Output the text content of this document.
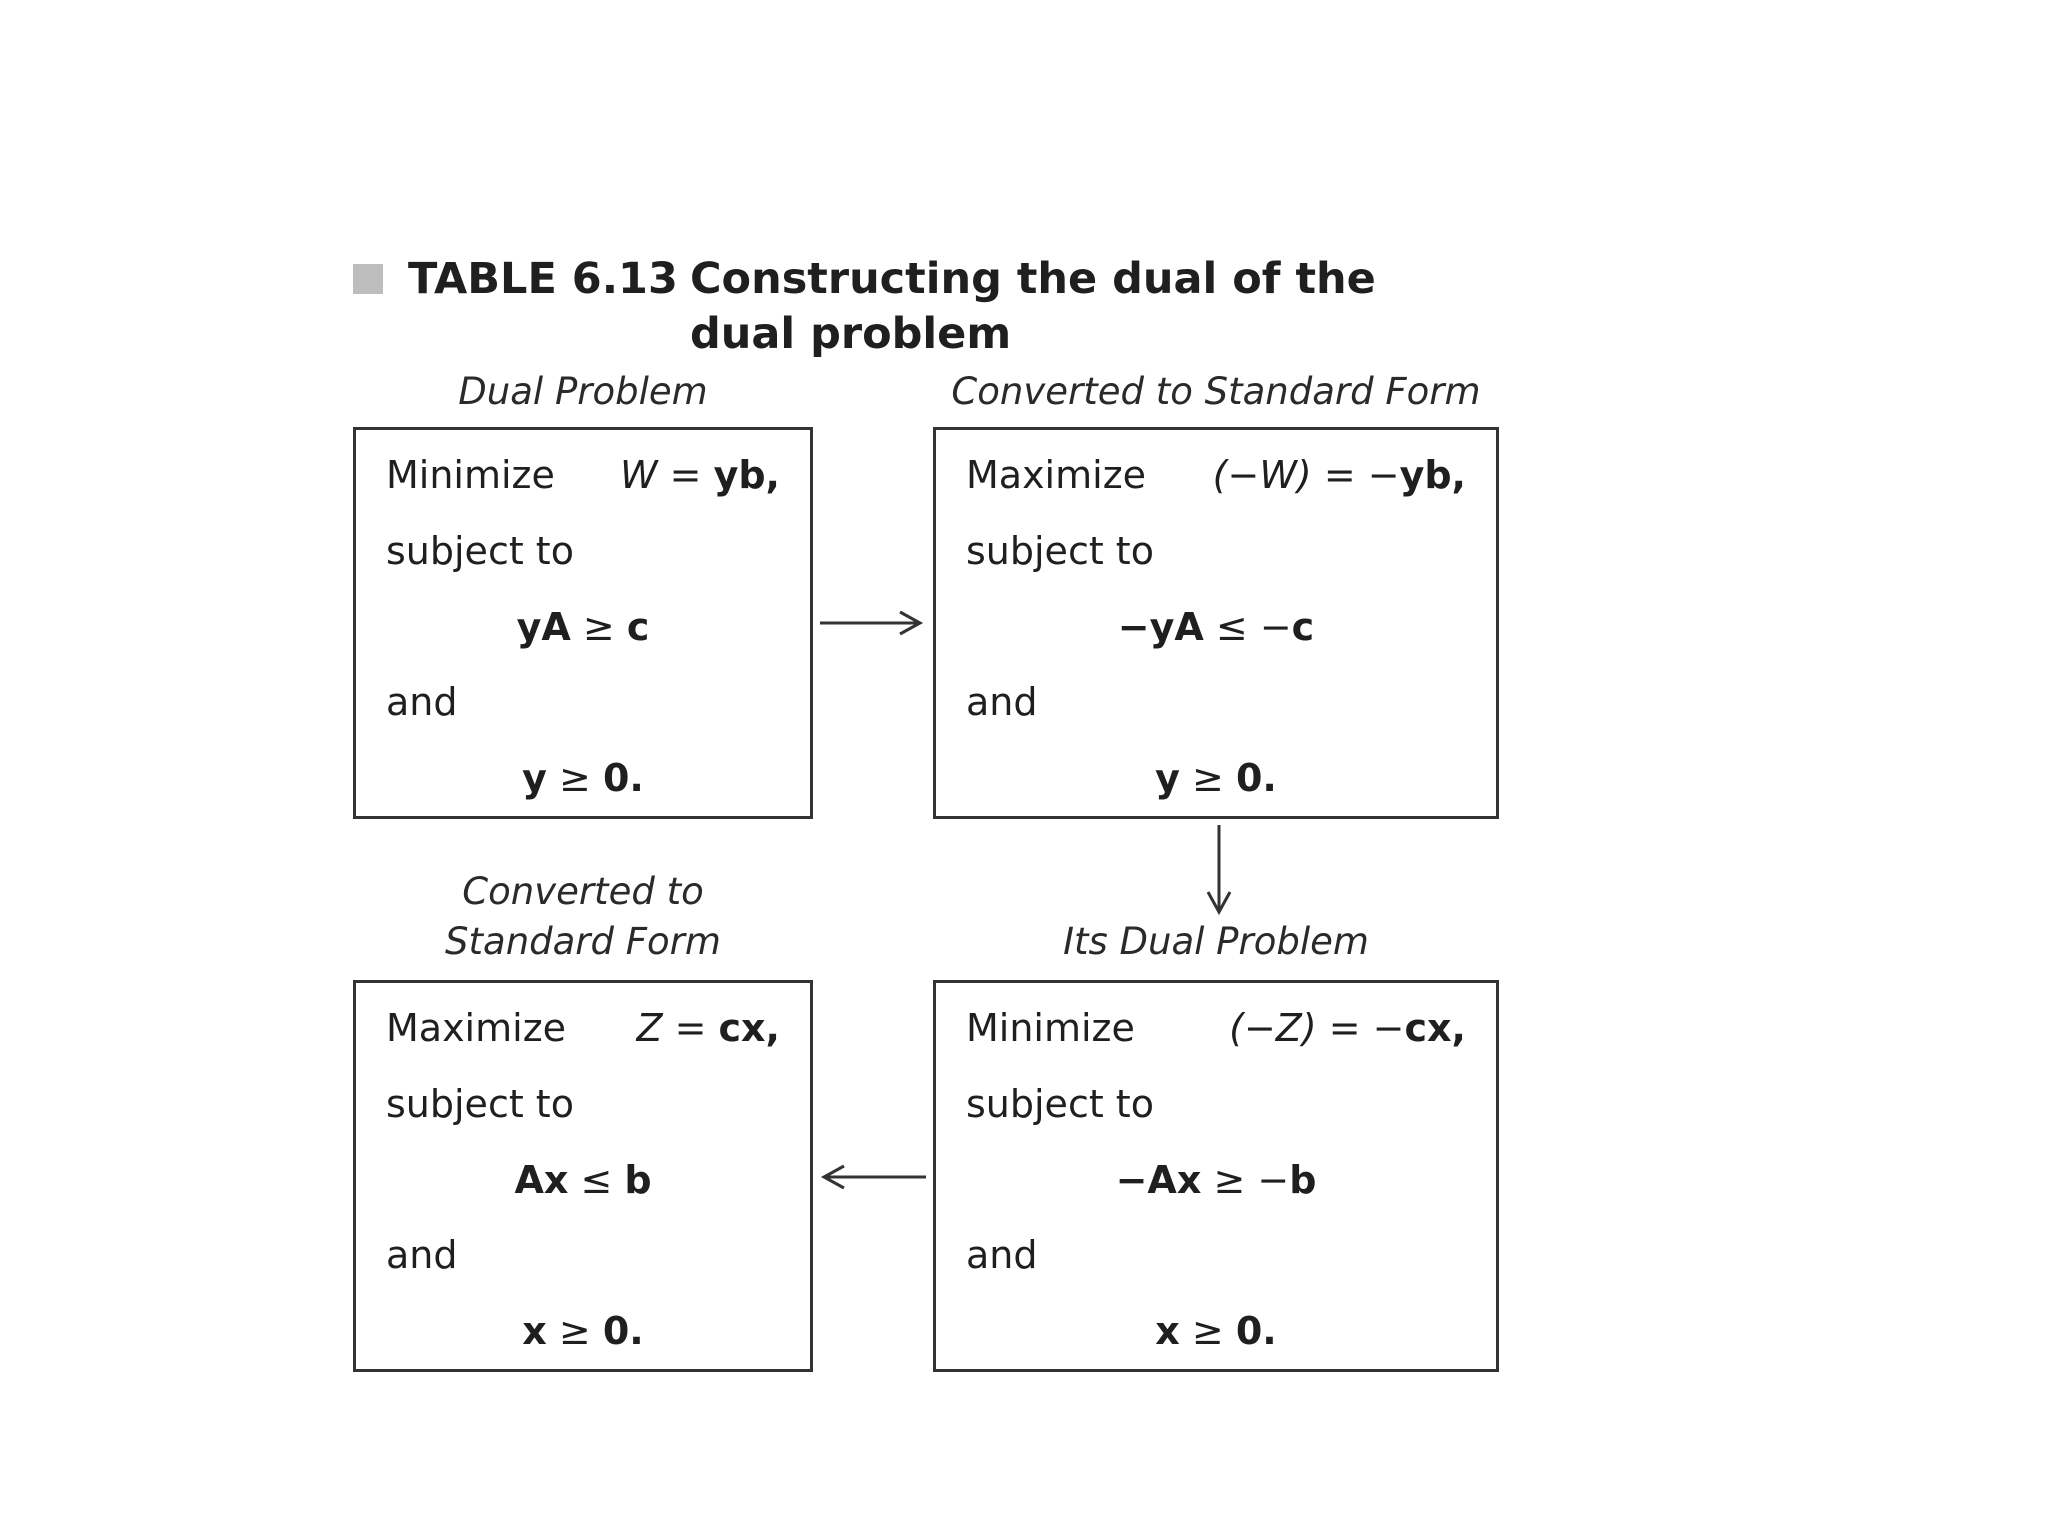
TABLE 6.13 Constructing the dual of the
dual problem
Dual Problem	Converted to Standard Form
Converted to
Standard Form	Its Dual Problem
Minimize W = yb,
subject to
yA ≥ c
and
y ≥ 0.
Maximize (−W) = −yb,
subject to
−yA ≤ −c
and
y ≥ 0.
Maximize Z = cx,
subject to
Ax ≤ b
and
x ≥ 0.
Minimize (−Z) = −cx,
subject to
−Ax ≥ −b
and
x ≥ 0.
